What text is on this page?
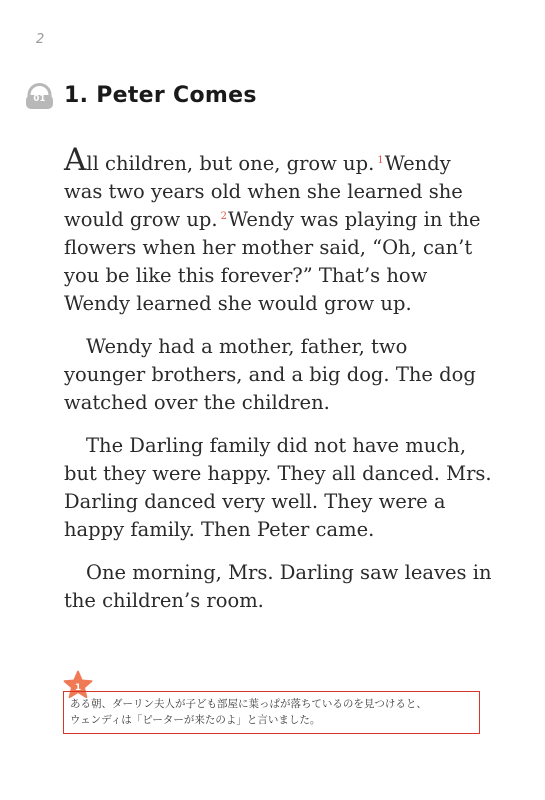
2
01 1. Peter Comes

All children, but one, grow up. $^1$Wendy was two years old when she learned she would grow up. $^2$Wendy was playing in the flowers when her mother said, “Oh, can’t you be like this forever?” That’s how Wendy learned she would grow up.

Wendy had a mother, father, two younger brothers, and a big dog. The dog watched over the children.

The Darling family did not have much, but they were happy. They all danced. Mrs. Darling danced very well. They were a happy family. Then Peter came.

One morning, Mrs. Darling saw leaves in the children’s room.

1
ある朝、ダーリン夫人が子ども部屋に葉っぱが落ちているのを見つけると、
ウェンディは「ピーターが来たのよ」と言いました。
